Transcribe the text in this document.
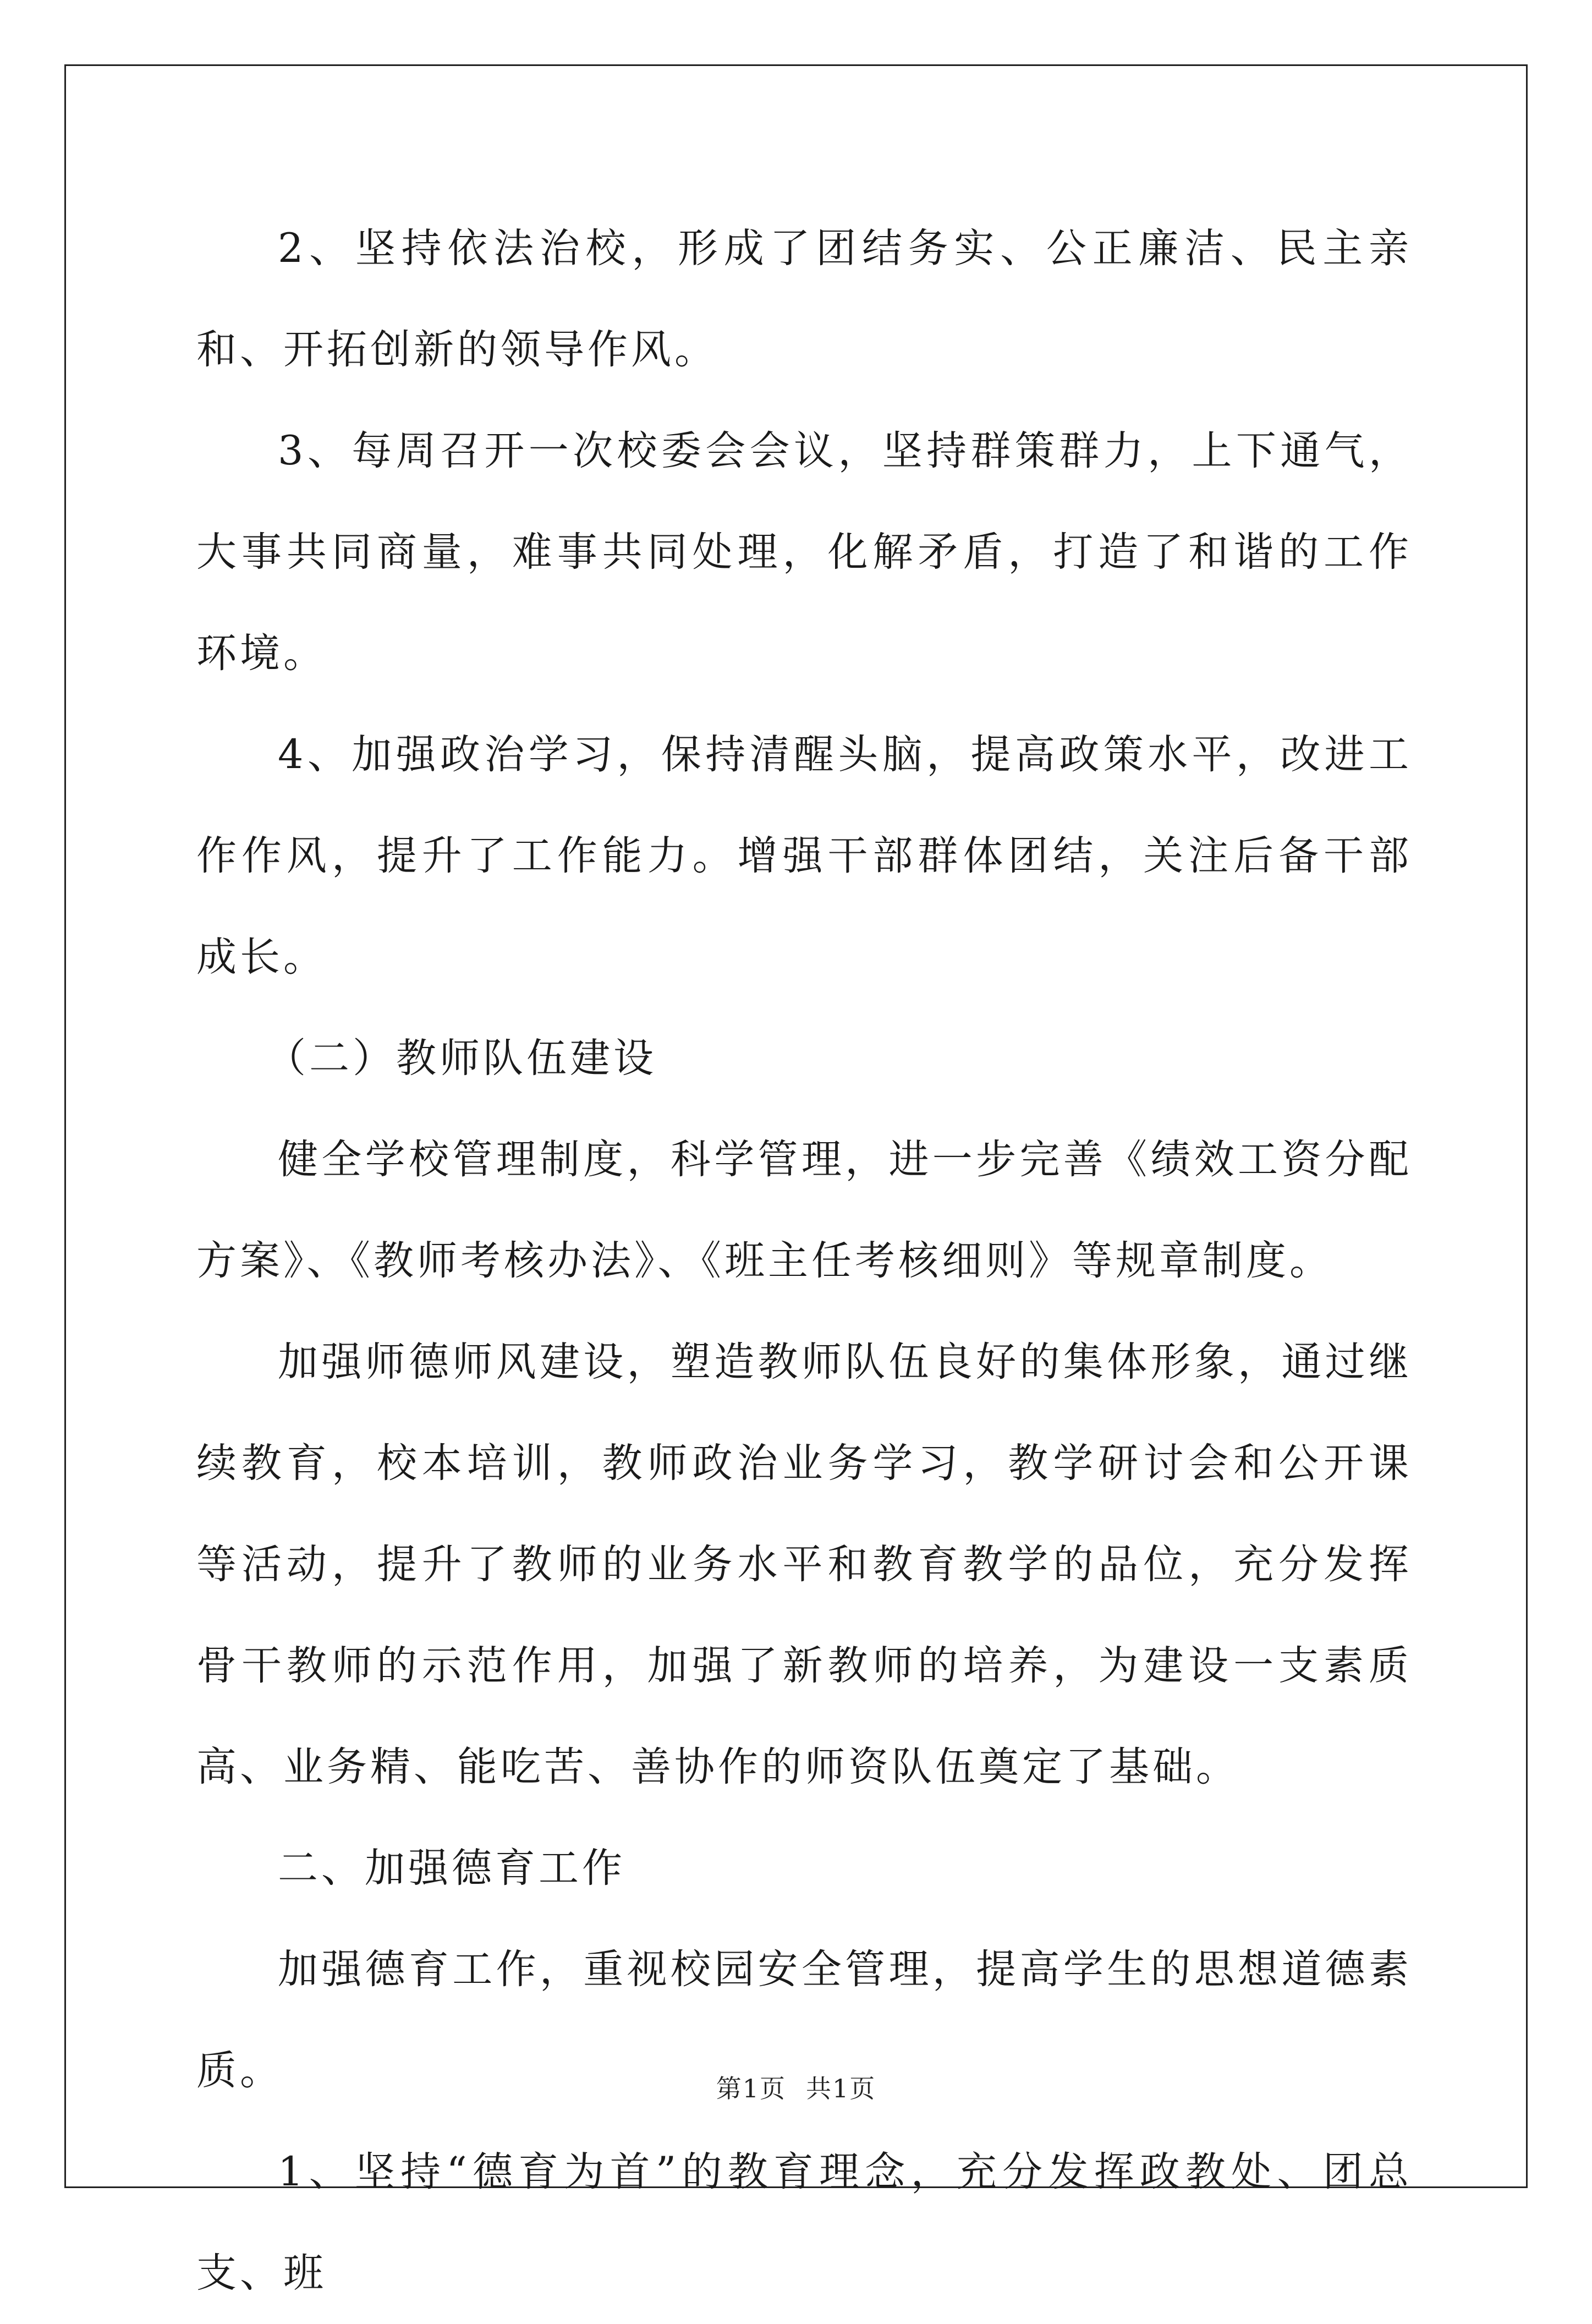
2、坚持依法治校，形成了团结务实、公正廉洁、民主亲和、开拓创新的领导作风。

3、每周召开一次校委会会议，坚持群策群力，上下通气，大事共同商量，难事共同处理，化解矛盾，打造了和谐的工作环境。

4、加强政治学习，保持清醒头脑，提高政策水平，改进工作作风，提升了工作能力。增强干部群体团结，关注后备干部成长。

（二）教师队伍建设

健全学校管理制度，科学管理，进一步完善《绩效工资分配方案》、《教师考核办法》、《班主任考核细则》等规章制度。

加强师德师风建设，塑造教师队伍良好的集体形象，通过继续教育，校本培训，教师政治业务学习，教学研讨会和公开课等活动，提升了教师的业务水平和教育教学的品位，充分发挥骨干教师的示范作用，加强了新教师的培养，为建设一支素质高、业务精、能吃苦、善协作的师资队伍奠定了基础。

二、加强德育工作

加强德育工作，重视校园安全管理，提高学生的思想道德素质。

1、坚持“德育为首”的教育理念，充分发挥政教处、团总支、班

第1页 共1页
